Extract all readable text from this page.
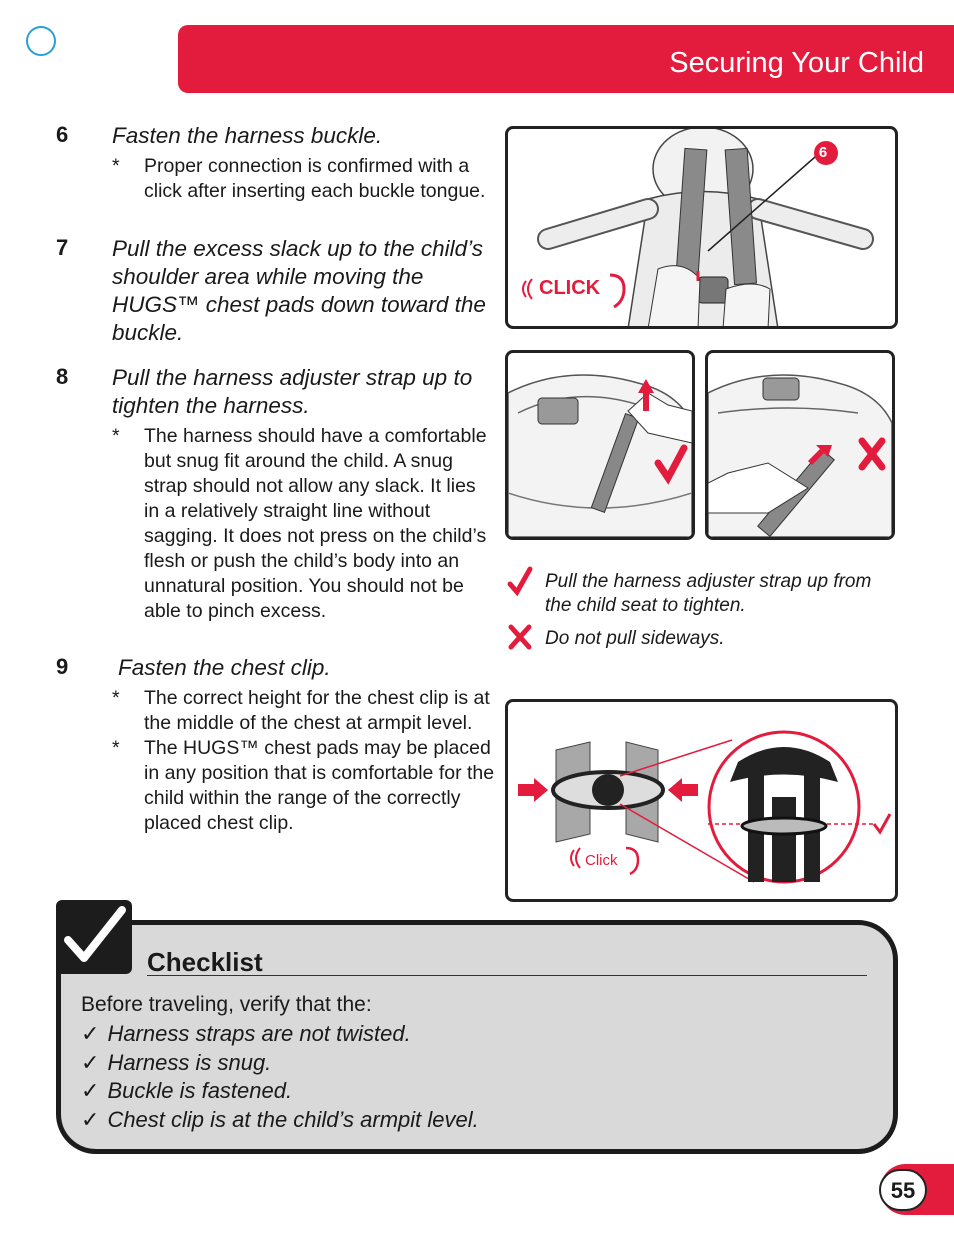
Securing Your Child
6 Fasten the harness buckle.
* Proper connection is confirmed with a click after inserting each buckle tongue.
7 Pull the excess slack up to the child’s shoulder area while moving the HUGS™ chest pads down toward the buckle.
8 Pull the harness adjuster strap up to tighten the harness.
* The harness should have a comfortable but snug fit around the child. A snug strap should not allow any slack. It lies in a relatively straight line without sagging. It does not press on the child’s flesh or push the child’s body into an unnatural position. You should not be able to pinch excess.
9 Fasten the chest clip.
* The correct height for the chest clip is at the middle of the chest at armpit level.
* The HUGS™ chest pads may be placed in any position that is comfortable for the child within the range of the correctly placed chest clip.
6
CLICK
Pull the harness adjuster strap up from the child seat to tighten.
Do not pull sideways.
Click
Checklist
Before traveling, verify that the:
✓ Harness straps are not twisted.
✓ Harness is snug.
✓ Buckle is fastened.
✓ Chest clip is at the child’s armpit level.
55
